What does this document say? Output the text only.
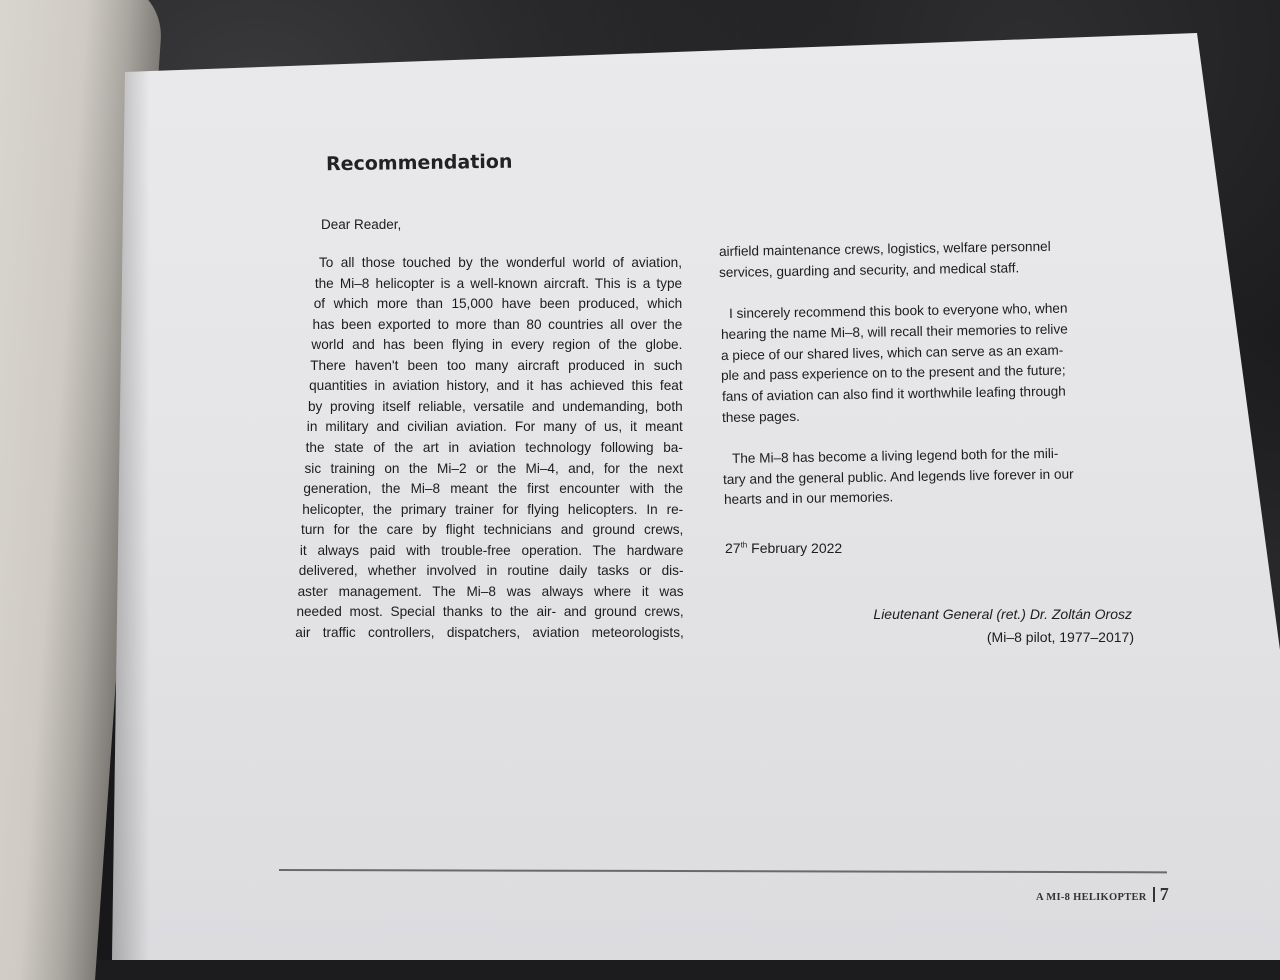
Recommendation
Dear Reader,
To all those touched by the wonderful world of aviation,
the Mi–8 helicopter is a well-known aircraft. This is a type
of which more than 15,000 have been produced, which
has been exported to more than 80 countries all over the
world and has been flying in every region of the globe.
There haven't been too many aircraft produced in such
quantities in aviation history, and it has achieved this feat
by proving itself reliable, versatile and undemanding, both
in military and civilian aviation. For many of us, it meant
the state of the art in aviation technology following ba-
sic training on the Mi–2 or the Mi–4, and, for the next
generation, the Mi–8 meant the first encounter with the
helicopter, the primary trainer for flying helicopters. In re-
turn for the care by flight technicians and ground crews,
it always paid with trouble-free operation. The hardware
delivered, whether involved in routine daily tasks or dis-
aster management. The Mi–8 was always where it was
needed most. Special thanks to the air- and ground crews,
air traffic controllers, dispatchers, aviation meteorologists,
airfield maintenance crews, logistics, welfare personnel
services, guarding and security, and medical staff.
I sincerely recommend this book to everyone who, when
hearing the name Mi–8, will recall their memories to relive
a piece of our shared lives, which can serve as an exam-
ple and pass experience on to the present and the future;
fans of aviation can also find it worthwhile leafing through
these pages.
The Mi–8 has become a living legend both for the mili-
tary and the general public. And legends live forever in our
hearts and in our memories.
27th February 2022
Lieutenant General (ret.) Dr. Zoltán Orosz
(Mi–8 pilot, 1977–2017)
A MI-8 HELIKOPTER 7
